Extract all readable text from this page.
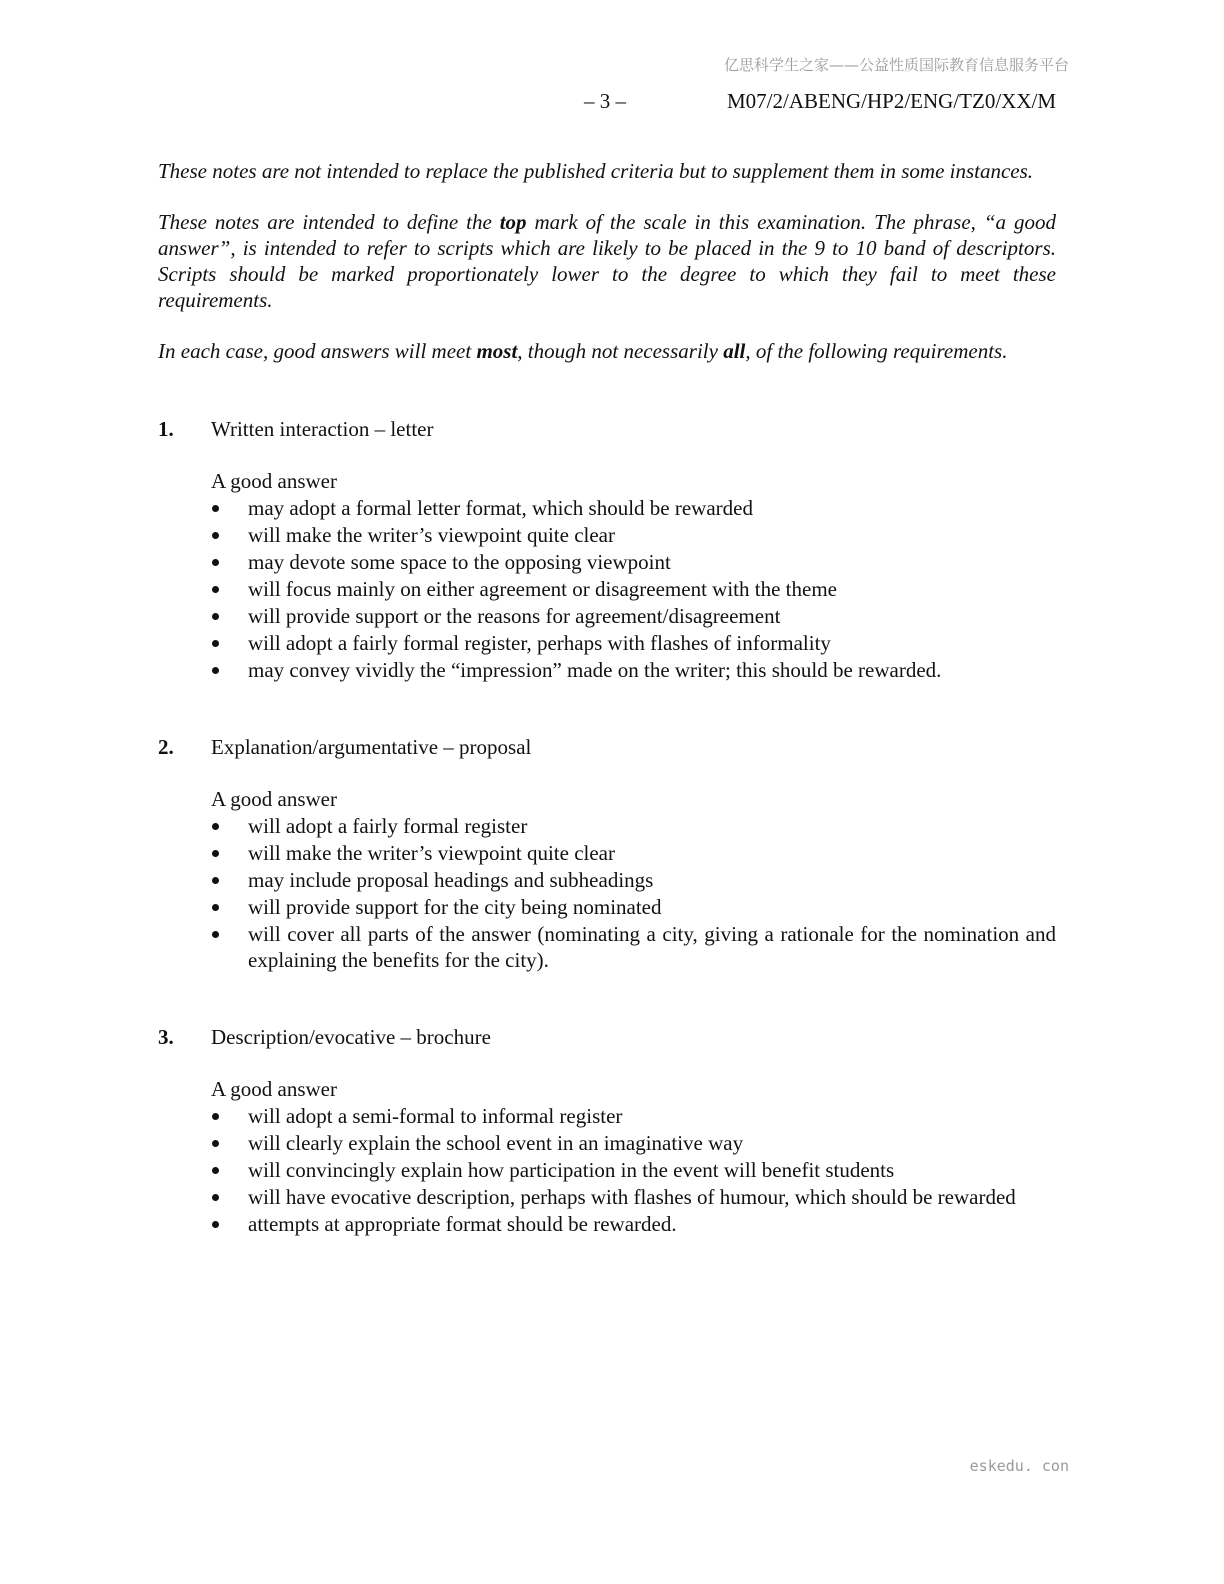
亿思科学生之家——公益性质国际教育信息服务平台
– 3 –	M07/2/ABENG/HP2/ENG/TZ0/XX/M

These notes are not intended to replace the published criteria but to supplement them in some instances.

These notes are intended to define the top mark of the scale in this examination. The phrase, “a good answer”, is intended to refer to scripts which are likely to be placed in the 9 to 10 band of descriptors. Scripts should be marked proportionately lower to the degree to which they fail to meet these requirements.

In each case, good answers will meet most, though not necessarily all, of the following requirements.

1. Written interaction – letter

A good answer

may adopt a formal letter format, which should be rewarded
will make the writer’s viewpoint quite clear
may devote some space to the opposing viewpoint
will focus mainly on either agreement or disagreement with the theme
will provide support or the reasons for agreement/disagreement
will adopt a fairly formal register, perhaps with flashes of informality
may convey vividly the “impression” made on the writer; this should be rewarded.
2. Explanation/argumentative – proposal

A good answer

will adopt a fairly formal register
will make the writer’s viewpoint quite clear
may include proposal headings and subheadings
will provide support for the city being nominated
will cover all parts of the answer (nominating a city, giving a rationale for the nomination and explaining the benefits for the city).
3. Description/evocative – brochure

A good answer

will adopt a semi-formal to informal register
will clearly explain the school event in an imaginative way
will convincingly explain how participation in the event will benefit students
will have evocative description, perhaps with flashes of humour, which should be rewarded
attempts at appropriate format should be rewarded.
eskedu. con
